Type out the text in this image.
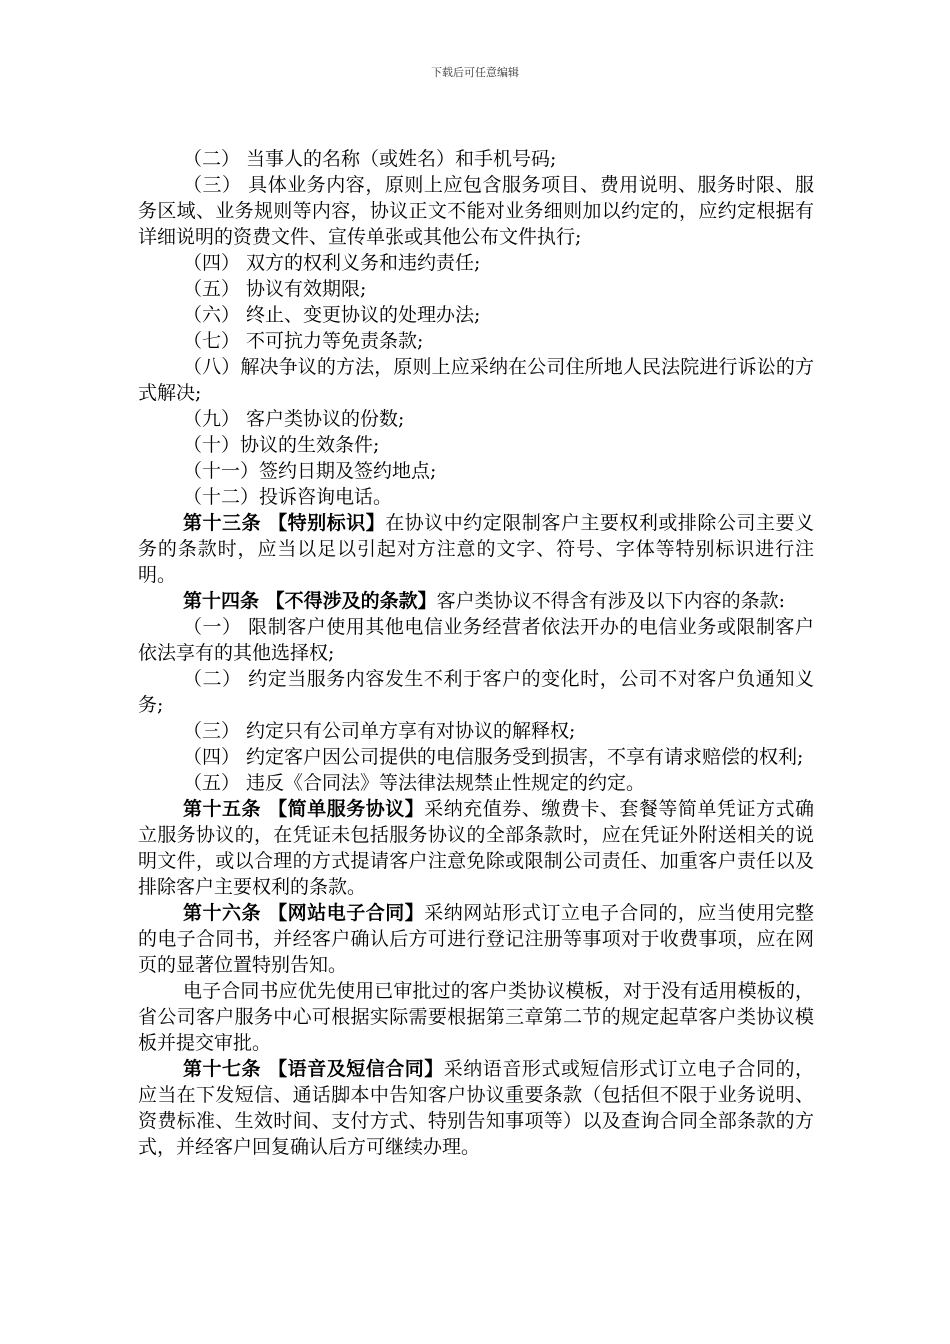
下载后可任意编辑

（二） 当事人的名称（或姓名）和手机号码;

（三） 具体业务内容，原则上应包含服务项目、费用说明、服务时限、服务区域、业务规则等内容，协议正文不能对业务细则加以约定的，应约定根据有详细说明的资费文件、宣传单张或其他公布文件执行;

（四） 双方的权利义务和违约责任;

（五） 协议有效期限;

（六） 终止、变更协议的处理办法;

（七） 不可抗力等免责条款;

（八）解决争议的方法，原则上应采纳在公司住所地人民法院进行诉讼的方式解决;

（九） 客户类协议的份数;

（十）协议的生效条件;

（十一）签约日期及签约地点;

（十二）投诉咨询电话。

第十三条 【特别标识】在协议中约定限制客户主要权利或排除公司主要义务的条款时，应当以足以引起对方注意的文字、符号、字体等特别标识进行注明。

第十四条 【不得涉及的条款】客户类协议不得含有涉及以下内容的条款:

（一） 限制客户使用其他电信业务经营者依法开办的电信业务或限制客户依法享有的其他选择权;

（二） 约定当服务内容发生不利于客户的变化时，公司不对客户负通知义务;

（三） 约定只有公司单方享有对协议的解释权;

（四） 约定客户因公司提供的电信服务受到损害，不享有请求赔偿的权利;

（五） 违反《合同法》等法律法规禁止性规定的约定。

第十五条 【简单服务协议】采纳充值券、缴费卡、套餐等简单凭证方式确立服务协议的，在凭证未包括服务协议的全部条款时，应在凭证外附送相关的说明文件，或以合理的方式提请客户注意免除或限制公司责任、加重客户责任以及排除客户主要权利的条款。

第十六条 【网站电子合同】采纳网站形式订立电子合同的，应当使用完整的电子合同书，并经客户确认后方可进行登记注册等事项对于收费事项，应在网页的显著位置特别告知。

电子合同书应优先使用已审批过的客户类协议模板，对于没有适用模板的，省公司客户服务中心可根据实际需要根据第三章第二节的规定起草客户类协议模板并提交审批。

第十七条 【语音及短信合同】采纳语音形式或短信形式订立电子合同的，应当在下发短信、通话脚本中告知客户协议重要条款（包括但不限于业务说明、资费标准、生效时间、支付方式、特别告知事项等）以及查询合同全部条款的方式，并经客户回复确认后方可继续办理。
